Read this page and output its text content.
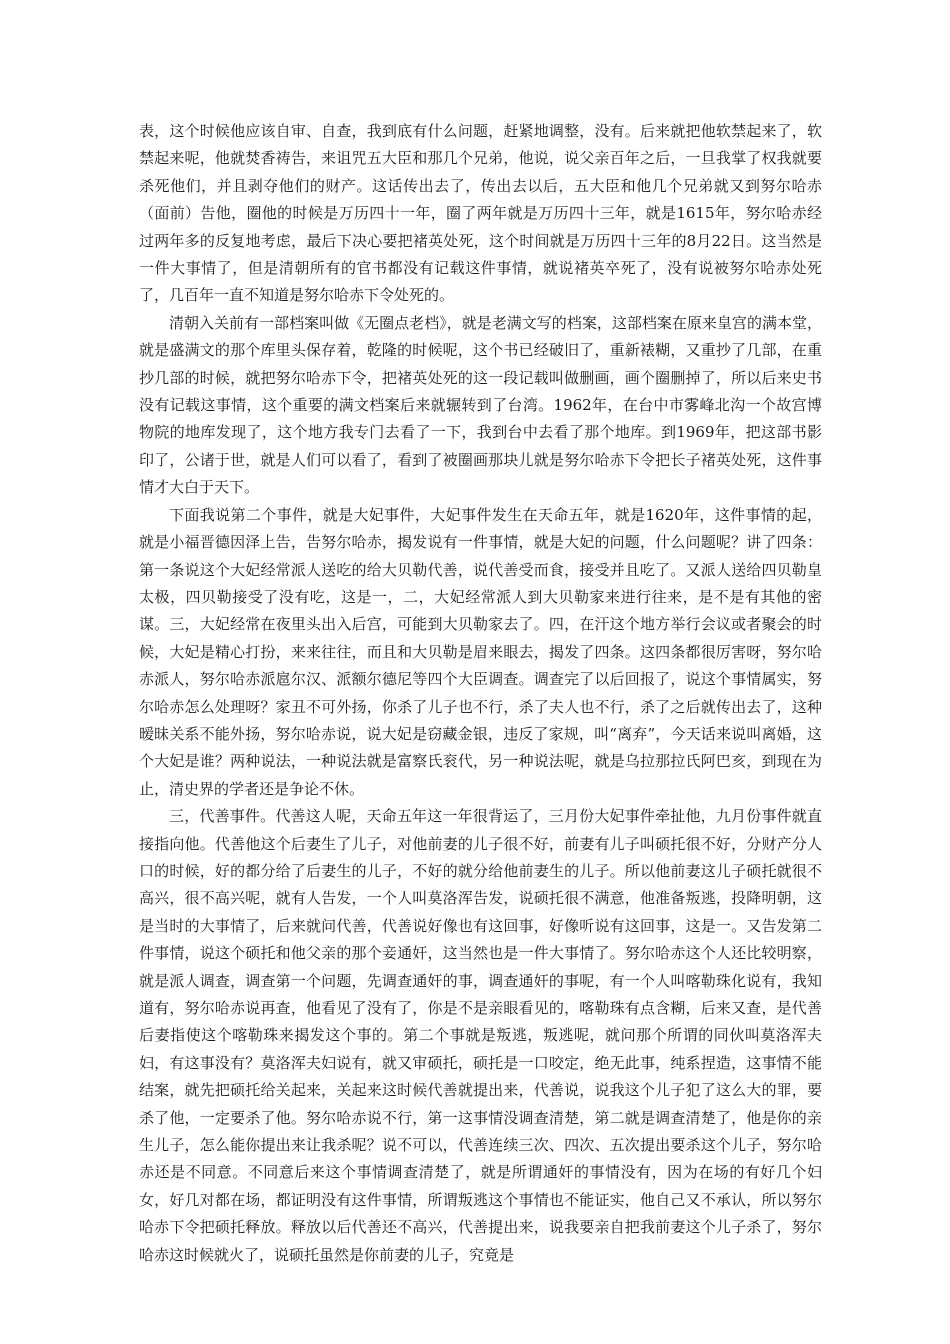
表，这个时候他应该自审、自查，我到底有什么问题，赶紧地调整，没有。后来就把他软禁起来了，软禁起来呢，他就焚香祷告，来诅咒五大臣和那几个兄弟，他说，说父亲百年之后，一旦我掌了权我就要杀死他们，并且剥夺他们的财产。这话传出去了，传出去以后，五大臣和他几个兄弟就又到努尔哈赤（面前）告他，圈他的时候是万历四十一年，圈了两年就是万历四十三年，就是1615年，努尔哈赤经过两年多的反复地考虑，最后下决心要把褚英处死，这个时间就是万历四十三年的8月22日。这当然是一件大事情了，但是清朝所有的官书都没有记载这件事情，就说褚英卒死了，没有说被努尔哈赤处死了，几百年一直不知道是努尔哈赤下令处死的。

清朝入关前有一部档案叫做《无圈点老档》，就是老满文写的档案，这部档案在原来皇宫的满本堂，就是盛满文的那个库里头保存着，乾隆的时候呢，这个书已经破旧了，重新裱糊，又重抄了几部，在重抄几部的时候，就把努尔哈赤下令，把褚英处死的这一段记载叫做删画，画个圈删掉了，所以后来史书没有记载这事情，这个重要的满文档案后来就辗转到了台湾。1962年，在台中市雾峰北沟一个故宫博物院的地库发现了，这个地方我专门去看了一下，我到台中去看了那个地库。到1969年，把这部书影印了，公诸于世，就是人们可以看了，看到了被圈画那块儿就是努尔哈赤下令把长子褚英处死，这件事情才大白于天下。

下面我说第二个事件，就是大妃事件，大妃事件发生在天命五年，就是1620年，这件事情的起，就是小福晋德因泽上告，告努尔哈赤，揭发说有一件事情，就是大妃的问题，什么问题呢？讲了四条：第一条说这个大妃经常派人送吃的给大贝勒代善，说代善受而食，接受并且吃了。又派人送给四贝勒皇太极，四贝勒接受了没有吃，这是一，二，大妃经常派人到大贝勒家来进行往来，是不是有其他的密谋。三，大妃经常在夜里头出入后宫，可能到大贝勒家去了。四，在汗这个地方举行会议或者聚会的时候，大妃是精心打扮，来来往往，而且和大贝勒是眉来眼去，揭发了四条。这四条都很厉害呀，努尔哈赤派人，努尔哈赤派扈尔汉、派额尔德尼等四个大臣调查。调查完了以后回报了，说这个事情属实，努尔哈赤怎么处理呀？家丑不可外扬，你杀了儿子也不行，杀了夫人也不行，杀了之后就传出去了，这种暧昧关系不能外扬，努尔哈赤说，说大妃是窃藏金银，违反了家规，叫“离弃”，今天话来说叫离婚，这个大妃是谁？两种说法，一种说法就是富察氏衮代，另一种说法呢，就是乌拉那拉氏阿巴亥，到现在为止，清史界的学者还是争论不休。

三，代善事件。代善这人呢，天命五年这一年很背运了，三月份大妃事件牵扯他，九月份事件就直接指向他。代善他这个后妻生了儿子，对他前妻的儿子很不好，前妻有儿子叫硕托很不好，分财产分人口的时候，好的都分给了后妻生的儿子，不好的就分给他前妻生的儿子。所以他前妻这儿子硕托就很不高兴，很不高兴呢，就有人告发，一个人叫莫洛浑告发，说硕托很不满意，他准备叛逃，投降明朝，这是当时的大事情了，后来就问代善，代善说好像也有这回事，好像听说有这回事，这是一。又告发第二件事情，说这个硕托和他父亲的那个妾通奸，这当然也是一件大事情了。努尔哈赤这个人还比较明察，就是派人调查，调查第一个问题，先调查通奸的事，调查通奸的事呢，有一个人叫喀勒珠化说有，我知道有，努尔哈赤说再查，他看见了没有了，你是不是亲眼看见的，喀勒珠有点含糊，后来又查，是代善后妻指使这个喀勒珠来揭发这个事的。第二个事就是叛逃，叛逃呢，就问那个所谓的同伙叫莫洛浑夫妇，有这事没有？莫洛浑夫妇说有，就又审硕托，硕托是一口咬定，绝无此事，纯系捏造，这事情不能结案，就先把硕托给关起来，关起来这时候代善就提出来，代善说，说我这个儿子犯了这么大的罪，要杀了他，一定要杀了他。努尔哈赤说不行，第一这事情没调查清楚，第二就是调查清楚了，他是你的亲生儿子，怎么能你提出来让我杀呢？说不可以，代善连续三次、四次、五次提出要杀这个儿子，努尔哈赤还是不同意。不同意后来这个事情调查清楚了，就是所谓通奸的事情没有，因为在场的有好几个妇女，好几对都在场，都证明没有这件事情，所谓叛逃这个事情也不能证实，他自己又不承认，所以努尔哈赤下令把硕托释放。释放以后代善还不高兴，代善提出来，说我要亲自把我前妻这个儿子杀了，努尔哈赤这时候就火了，说硕托虽然是你前妻的儿子，究竟是
